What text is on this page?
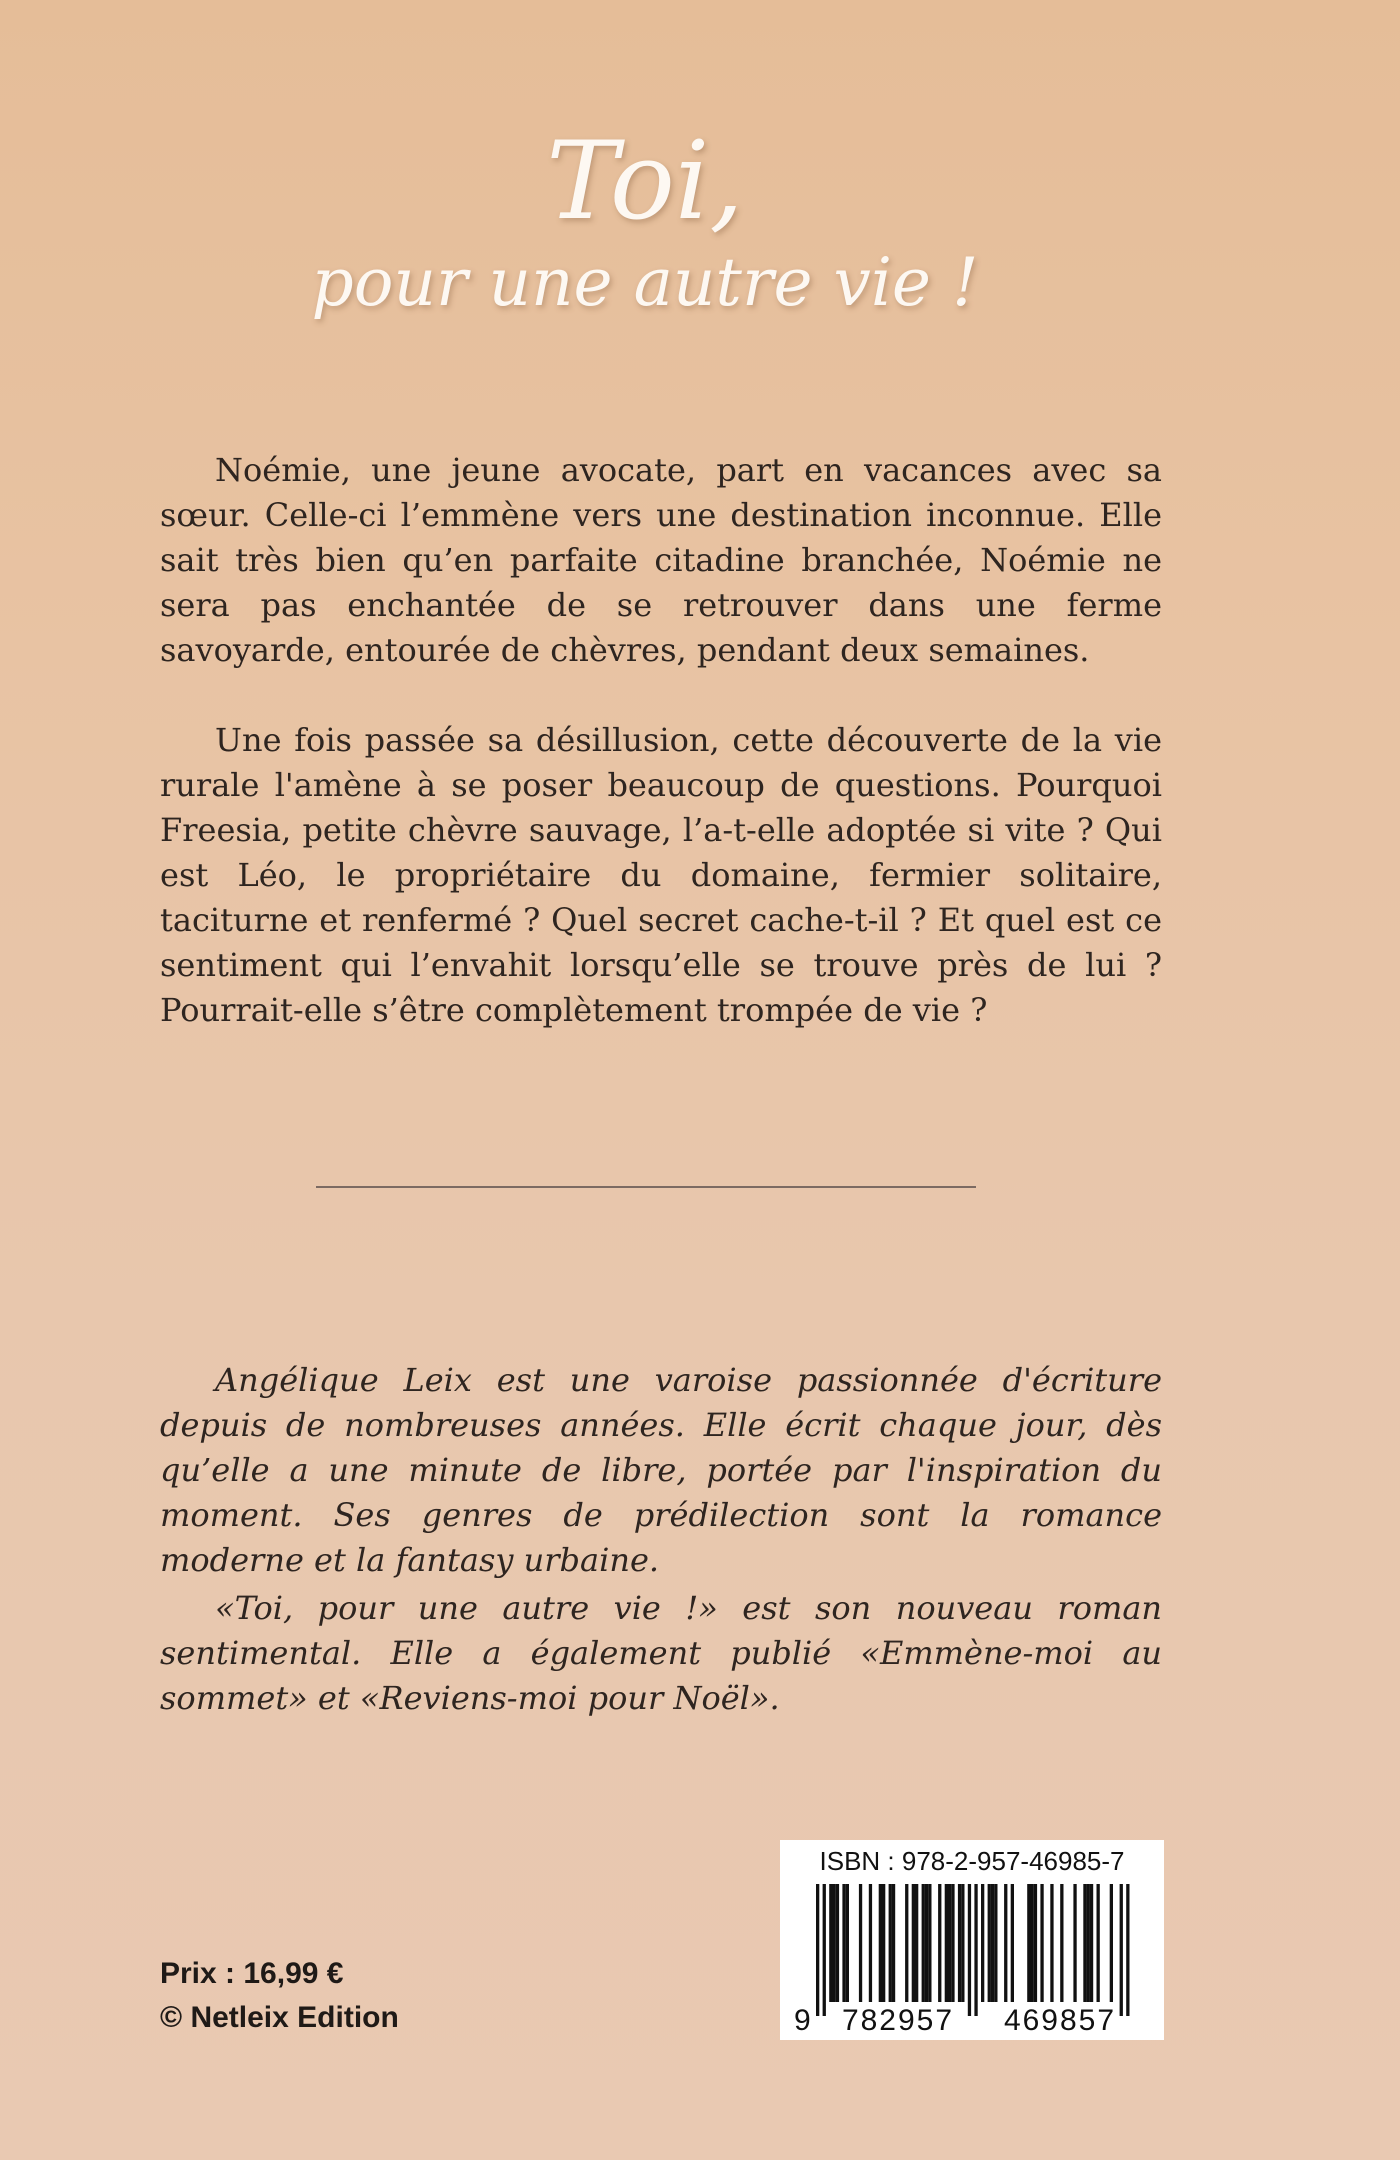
Toi,
pour une autre vie !

Noémie, une jeune avocate, part en vacances avec sa sœur. Celle-ci l’emmène vers une destination inconnue. Elle sait très bien qu’en parfaite citadine branchée, Noémie ne sera pas enchantée de se retrouver dans une ferme savoyarde, entourée de chèvres, pendant deux semaines.

Une fois passée sa désillusion, cette découverte de la vie rurale l'amène à se poser beaucoup de questions. Pourquoi Freesia, petite chèvre sauvage, l’a-t-elle adoptée si vite ? Qui est Léo, le propriétaire du domaine, fermier solitaire, taciturne et renfermé ? Quel secret cache-t-il ? Et quel est ce sentiment qui l’envahit lorsqu’elle se trouve près de lui ? Pourrait-elle s’être complètement trompée de vie ?

Angélique Leix est une varoise passionnée d'écriture depuis de nombreuses années. Elle écrit chaque jour, dès qu’elle a une minute de libre, portée par l'inspiration du moment. Ses genres de prédilection sont la romance moderne et la fantasy urbaine.

«Toi, pour une autre vie !» est son nouveau roman sentimental. Elle a également publié «Emmène-moi au sommet» et «Reviens-moi pour Noël».

Prix : 16,99 €
© Netleix Edition
ISBN : 978-2-957-46985-7
9 782957 469857
